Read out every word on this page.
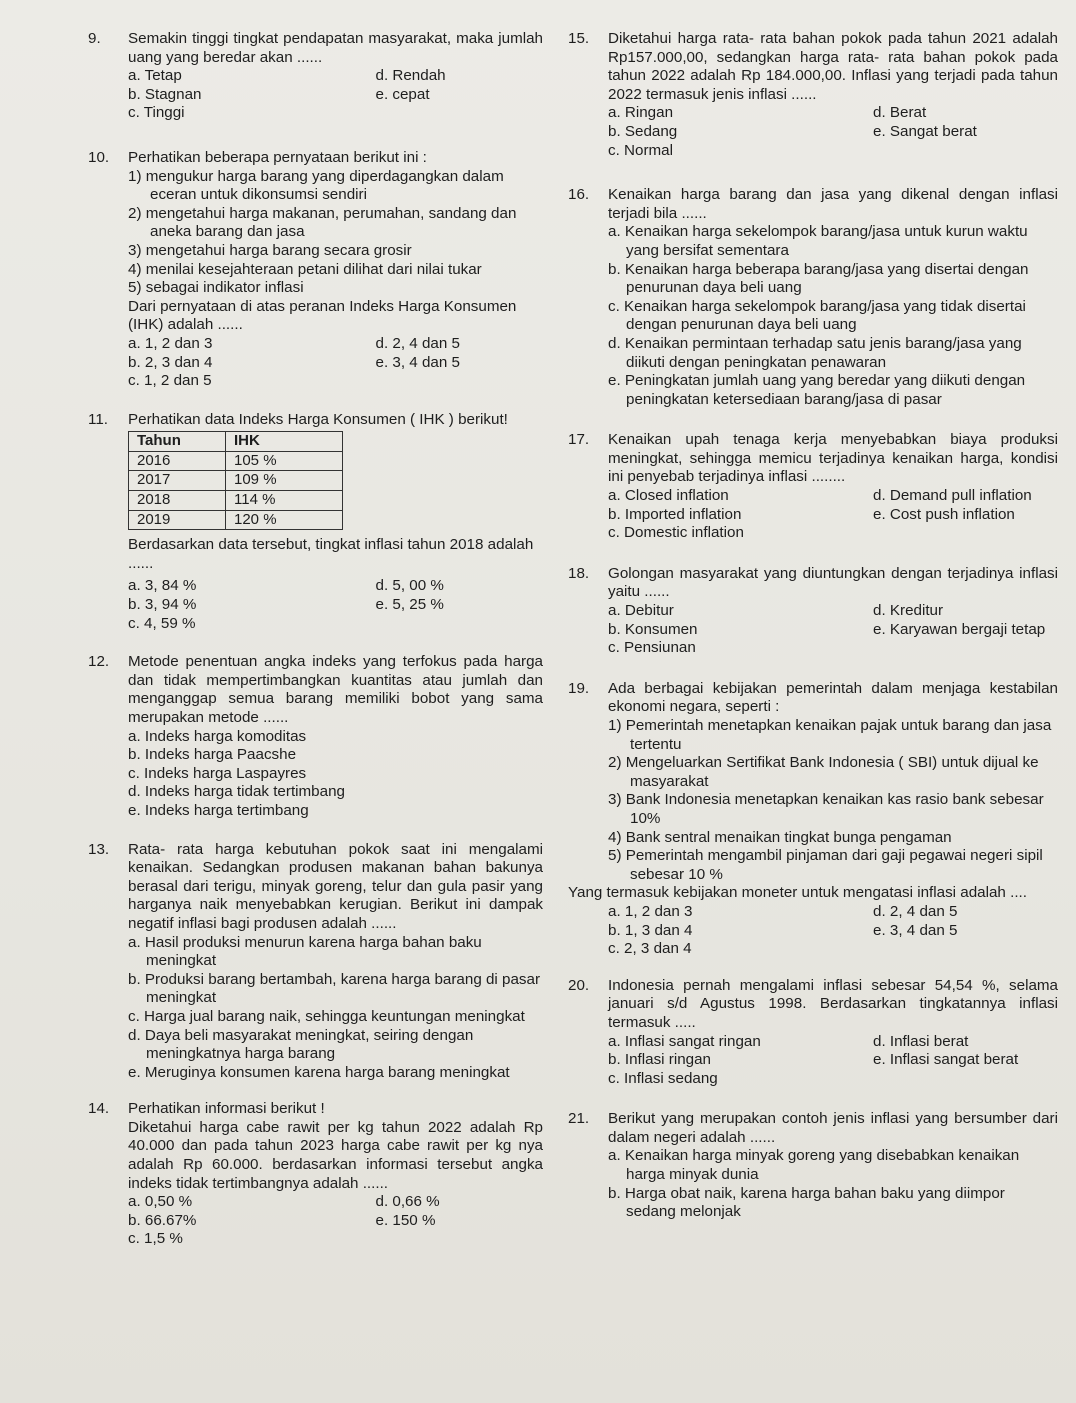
9.	Semakin tinggi tingkat pendapatan masyarakat, maka jumlah uang yang beredar akan ......
a. Tetap	d. Rendah
b. Stagnan	e. cepat
c. Tinggi
10.	Perhatikan beberapa pernyataan berikut ini :

1) mengukur harga barang yang diperdagangkan dalam eceran untuk dikonsumsi sendiri

2) mengetahui harga makanan, perumahan, sandang dan aneka barang dan jasa

3) mengetahui harga barang secara grosir

4) menilai kesejahteraan petani dilihat dari nilai tukar

5) sebagai indikator inflasi

Dari pernyataan di atas peranan Indeks Harga Konsumen (IHK) adalah ......

a. 1, 2 dan 3	d. 2, 4 dan 5
b. 2, 3 dan 4	e. 3, 4 dan 5
c. 1, 2 dan 5
11.	Perhatikan data Indeks Harga Konsumen ( IHK ) berikut!
Tahun	IHK
2016	105 %
2017	109 %
2018	114 %
2019	120 %

Berdasarkan data tersebut, tingkat inflasi tahun 2018 adalah ......

a. 3, 84 %	d. 5, 00 %
b. 3, 94 %	e. 5, 25 %
c. 4, 59 %
12.	Metode penentuan angka indeks yang terfokus pada harga dan tidak mempertimbangkan kuantitas atau jumlah dan menganggap semua barang memiliki bobot yang sama merupakan metode ......

a. Indeks harga komoditas

b. Indeks harga Paacshe

c. Indeks harga Laspayres

d. Indeks harga tidak tertimbang

e. Indeks harga tertimbang

13.	Rata- rata harga kebutuhan pokok saat ini mengalami kenaikan. Sedangkan produsen makanan bahan bakunya berasal dari terigu, minyak goreng, telur dan gula pasir yang harganya naik menyebabkan kerugian. Berikut ini dampak negatif inflasi bagi produsen adalah ......

a. Hasil produksi menurun karena harga bahan baku meningkat

b. Produksi barang bertambah, karena harga barang di pasar meningkat

c. Harga jual barang naik, sehingga keuntungan meningkat

d. Daya beli masyarakat meningkat, seiring dengan meningkatnya harga barang

e. Meruginya konsumen karena harga barang meningkat

14.	Perhatikan informasi berikut !

Diketahui harga cabe rawit per kg tahun 2022 adalah Rp 40.000 dan pada tahun 2023 harga cabe rawit per kg nya adalah Rp 60.000. berdasarkan informasi tersebut angka indeks tidak tertimbangnya adalah ......

a. 0,50 %	d. 0,66 %
b. 66.67%	e. 150 %
c. 1,5 %
15.	Diketahui harga rata- rata bahan pokok pada tahun 2021 adalah Rp157.000,00, sedangkan harga rata- rata bahan pokok pada tahun 2022 adalah Rp 184.000,00. Inflasi yang terjadi pada tahun 2022 termasuk jenis inflasi ......
a. Ringan	d. Berat
b. Sedang	e. Sangat berat
c. Normal
16.	Kenaikan harga barang dan jasa yang dikenal dengan inflasi terjadi bila ......

a. Kenaikan harga sekelompok barang/jasa untuk kurun waktu yang bersifat sementara

b. Kenaikan harga beberapa barang/jasa yang disertai dengan penurunan daya beli uang

c. Kenaikan harga sekelompok barang/jasa yang tidak disertai dengan penurunan daya beli uang

d. Kenaikan permintaan terhadap satu jenis barang/jasa yang diikuti dengan peningkatan penawaran

e. Peningkatan jumlah uang yang beredar yang diikuti dengan peningkatan ketersediaan barang/jasa di pasar

17.	Kenaikan upah tenaga kerja menyebabkan biaya produksi meningkat, sehingga memicu terjadinya kenaikan harga, kondisi ini penyebab terjadinya inflasi ........
a. Closed inflation	d. Demand pull inflation
b. Imported inflation	e. Cost push inflation
c. Domestic inflation
18.	Golongan masyarakat yang diuntungkan dengan terjadinya inflasi yaitu ......
a. Debitur	d. Kreditur
b. Konsumen	e. Karyawan bergaji tetap
c. Pensiunan
19.	Ada berbagai kebijakan pemerintah dalam menjaga kestabilan ekonomi negara, seperti :

1) Pemerintah menetapkan kenaikan pajak untuk barang dan jasa tertentu

2) Mengeluarkan Sertifikat Bank Indonesia ( SBI) untuk dijual ke masyarakat

3) Bank Indonesia menetapkan kenaikan kas rasio bank sebesar 10%

4) Bank sentral menaikan tingkat bunga pengaman

5) Pemerintah mengambil pinjaman dari gaji pegawai negeri sipil sebesar 10 %

Yang termasuk kebijakan moneter untuk mengatasi inflasi adalah ....

a. 1, 2 dan 3	d. 2, 4 dan 5
b. 1, 3 dan 4	e. 3, 4 dan 5
c. 2, 3 dan 4
20.	Indonesia pernah mengalami inflasi sebesar 54,54 %, selama januari s/d Agustus 1998. Berdasarkan tingkatannya inflasi termasuk .....
a. Inflasi sangat ringan	d. Inflasi berat
b. Inflasi ringan	e. Inflasi sangat berat
c. Inflasi sedang
21.	Berikut yang merupakan contoh jenis inflasi yang bersumber dari dalam negeri adalah ......

a. Kenaikan harga minyak goreng yang disebabkan kenaikan harga minyak dunia

b. Harga obat naik, karena harga bahan baku yang diimpor sedang melonjak
